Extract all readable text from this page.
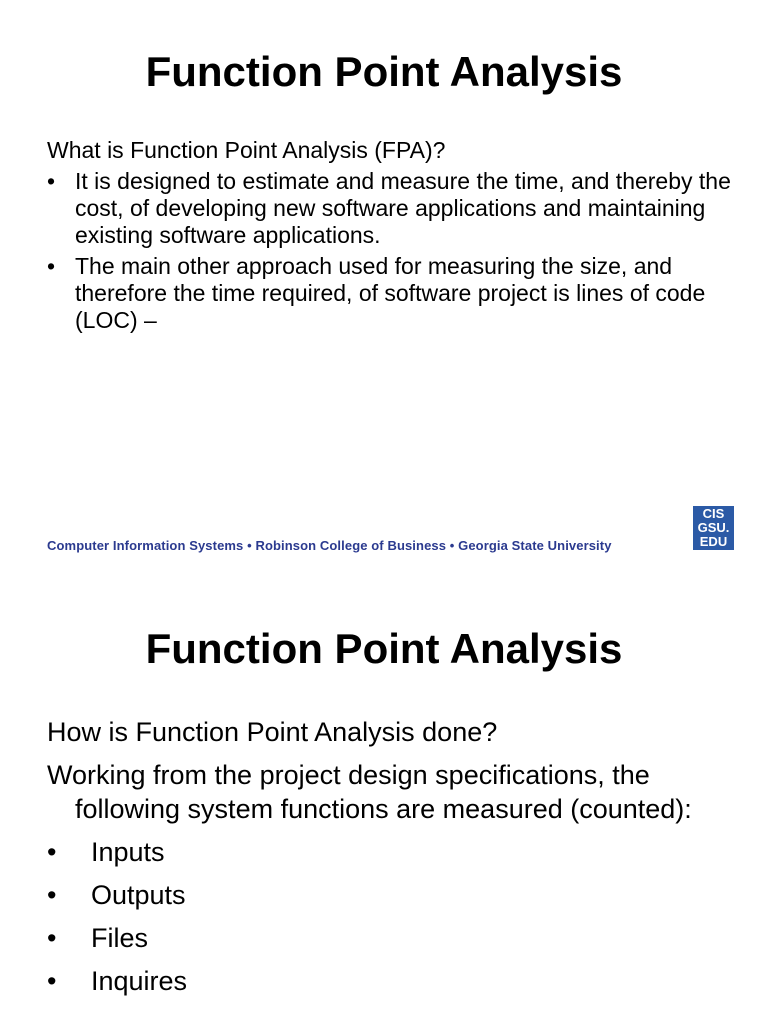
Function Point Analysis

What is Function Point Analysis (FPA)?

• It is designed to estimate and measure the time, and thereby the cost, of developing new software applications and maintaining existing software applications.
• The main other approach used for measuring the size, and therefore the time required, of software project is lines of code (LOC) –
Computer Information Systems • Robinson College of Business • Georgia State University
CIS
GSU.
EDU
Function Point Analysis

How is Function Point Analysis done?

Working from the project design specifications, the following system functions are measured (counted):

• Inputs
• Outputs
• Files
• Inquires
